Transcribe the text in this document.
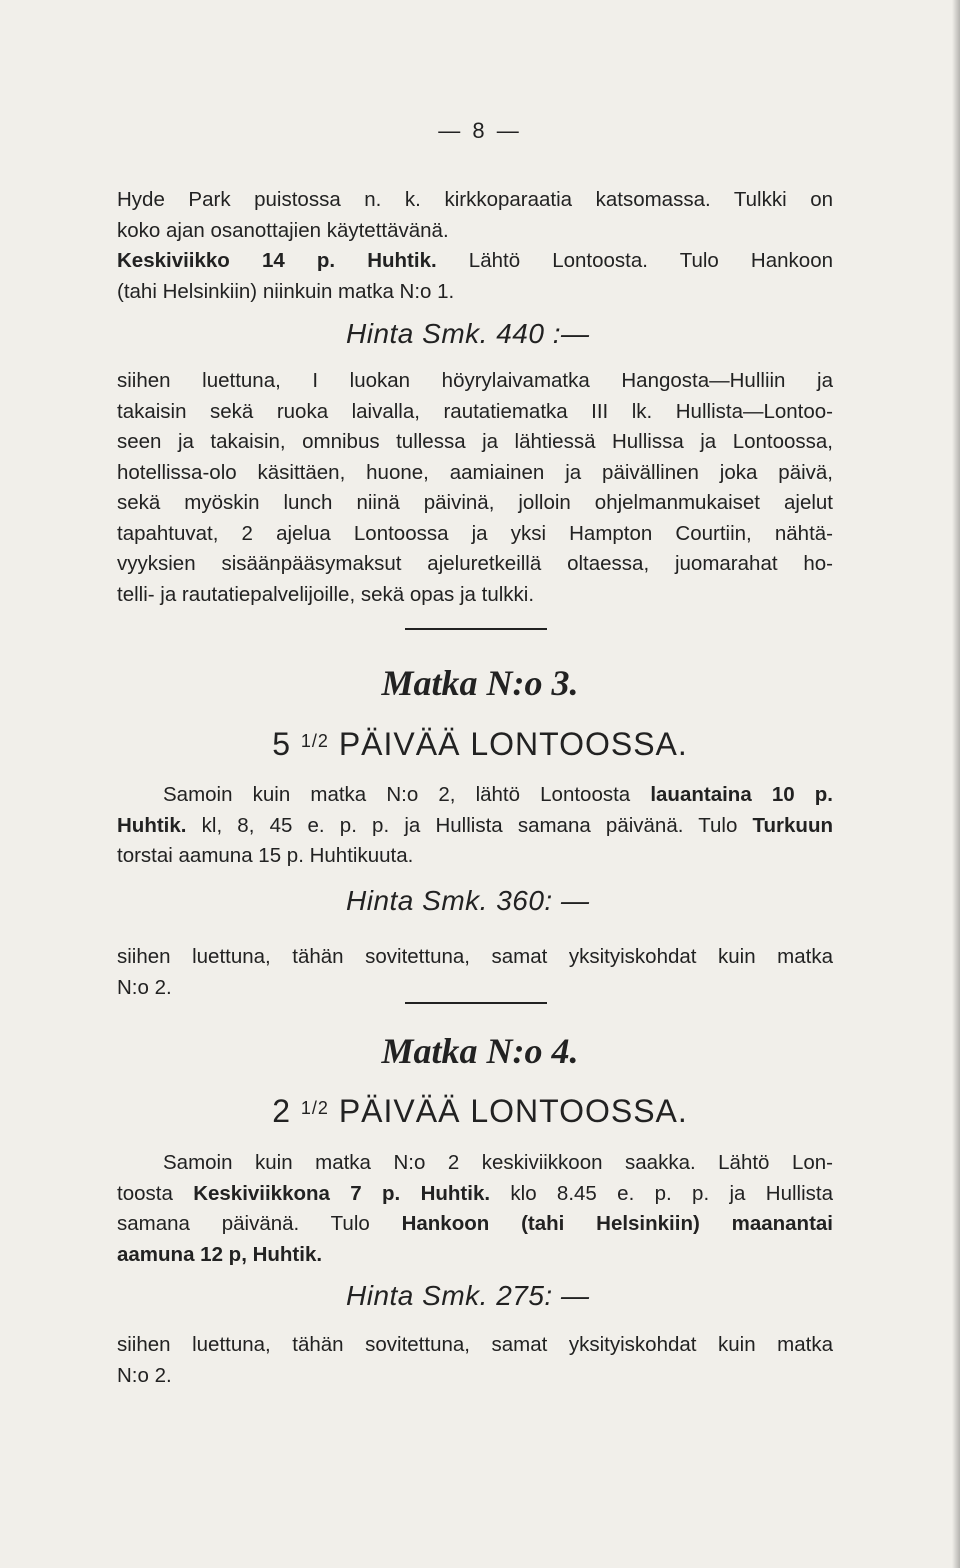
— 8 —
Hyde Park puistossa n. k. kirkkoparaatia katsomassa. Tulkki on
koko ajan osanottajien käytettävänä.
Keskiviikko 14 p. Huhtik. Lähtö Lontoosta. Tulo Hankoon
(tahi Helsinkiin) niinkuin matka N:o 1.
Hinta Smk. 440 :—
siihen luettuna, I luokan höyrylaivamatka Hangosta—Hulliin ja
takaisin sekä ruoka laivalla, rautatiematka III lk. Hullista—Lontoo-
seen ja takaisin, omnibus tullessa ja lähtiessä Hullissa ja Lontoossa,
hotellissa-olo käsittäen, huone, aamiainen ja päivällinen joka päivä,
sekä myöskin lunch niinä päivinä, jolloin ohjelmanmukaiset ajelut
tapahtuvat, 2 ajelua Lontoossa ja yksi Hampton Courtiin, nähtä-
vyyksien sisäänpääsymaksut ajeluretkeillä oltaessa, juomarahat ho-
telli- ja rautatiepalvelijoille, sekä opas ja tulkki.
Matka N:o 3.
5 $^{1/2}$ PÄIVÄÄ LONTOOSSA.
Samoin kuin matka N:o 2, lähtö Lontoosta lauantaina 10 p.
Huhtik. kl, 8, 45 e. p. p. ja Hullista samana päivänä. Tulo Turkuun
torstai aamuna 15 p. Huhtikuuta.
Hinta Smk. 360: —
siihen luettuna, tähän sovitettuna, samat yksityiskohdat kuin matka
N:o 2.
Matka N:o 4.
2 $^{1/2}$ PÄIVÄÄ LONTOOSSA.
Samoin kuin matka N:o 2 keskiviikkoon saakka. Lähtö Lon-
toosta Keskiviikkona 7 p. Huhtik. klo 8.45 e. p. p. ja Hullista
samana päivänä. Tulo Hankoon (tahi Helsinkiin) maanantai
aamuna 12 p, Huhtik.
Hinta Smk. 275: —
siihen luettuna, tähän sovitettuna, samat yksityiskohdat kuin matka
N:o 2.
